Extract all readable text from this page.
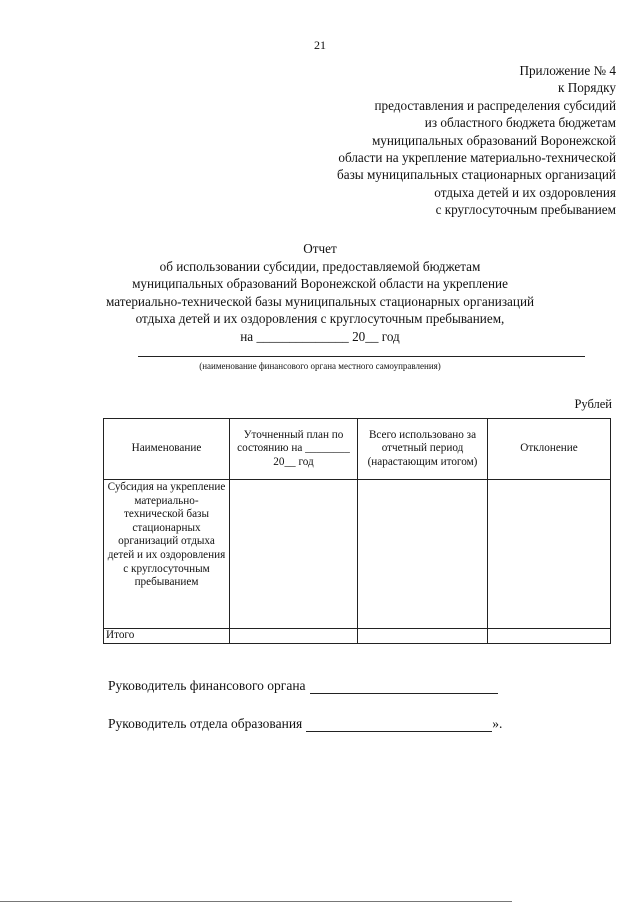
21
Приложение № 4
к Порядку
предоставления и распределения субсидий
из областного бюджета бюджетам
муниципальных образований Воронежской
области на укрепление материально-технической
базы муниципальных стационарных организаций
отдыха детей и их оздоровления
с круглосуточным пребыванием
Отчет
об использовании субсидии, предоставляемой бюджетам
муниципальных образований Воронежской области на укрепление
материально-технической базы муниципальных стационарных организаций
отдыха детей и их оздоровления с круглосуточным пребыванием,
на ______________ 20__ год
(наименование финансового органа местного самоуправления)
Рублей
Наименование	Уточненный план по состоянию на ________ 20__ год	Всего использовано за отчетный период (нарастающим итогом)	Отклонение
Субсидия на укрепление материально-технической базы стационарных организаций отдыха детей и их оздоровления с круглосуточным пребыванием			
Итого			
Руководитель финансового органа
Руководитель отдела образования	».
